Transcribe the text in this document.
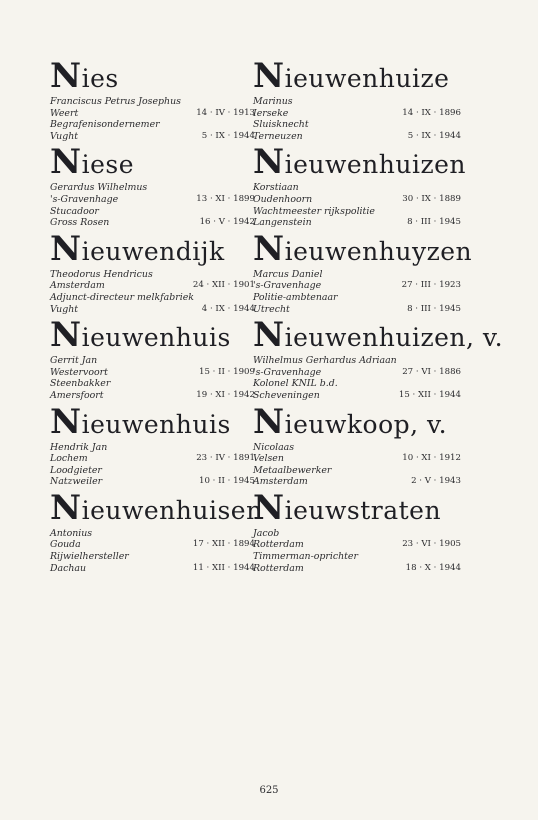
Nies
Franciscus Petrus Josephus
Weert	14 · IV · 1913
Begrafenisondernemer
Vught	5 · IX · 1944
Niese
Gerardus Wilhelmus
's-Gravenhage	13 · XI · 1899
Stucadoor
Gross Rosen	16 · V · 1942
Nieuwendijk
Theodorus Hendricus
Amsterdam	24 · XII · 1901
Adjunct-directeur melkfabriek
Vught	4 · IX · 1944
Nieuwenhuis
Gerrit Jan
Westervoort	15 · II · 1909
Steenbakker
Amersfoort	19 · XI · 1942
Nieuwenhuis
Hendrik Jan
Lochem	23 · IV · 1891
Loodgieter
Natzweiler	10 · II · 1945
Nieuwenhuisen
Antonius
Gouda	17 · XII · 1894
Rijwielhersteller
Dachau	11 · XII · 1944
Nieuwenhuize
Marinus
Ierseke	14 · IX · 1896
Sluisknecht
Terneuzen	5 · IX · 1944
Nieuwenhuizen
Korstiaan
Oudenhoorn	30 · IX · 1889
Wachtmeester rijkspolitie
Langenstein	8 · III · 1945
Nieuwenhuyzen
Marcus Daniel
's-Gravenhage	27 · III · 1923
Politie-ambtenaar
Utrecht	8 · III · 1945
Nieuwenhuizen, v.
Wilhelmus Gerhardus Adriaan
's-Gravenhage	27 · VI · 1886
Kolonel KNIL b.d.
Scheveningen	15 · XII · 1944
Nieuwkoop, v.
Nicolaas
Velsen	10 · XI · 1912
Metaalbewerker
Amsterdam	2 · V · 1943
Nieuwstraten
Jacob
Rotterdam	23 · VI · 1905
Timmerman-oprichter
Rotterdam	18 · X · 1944
625
